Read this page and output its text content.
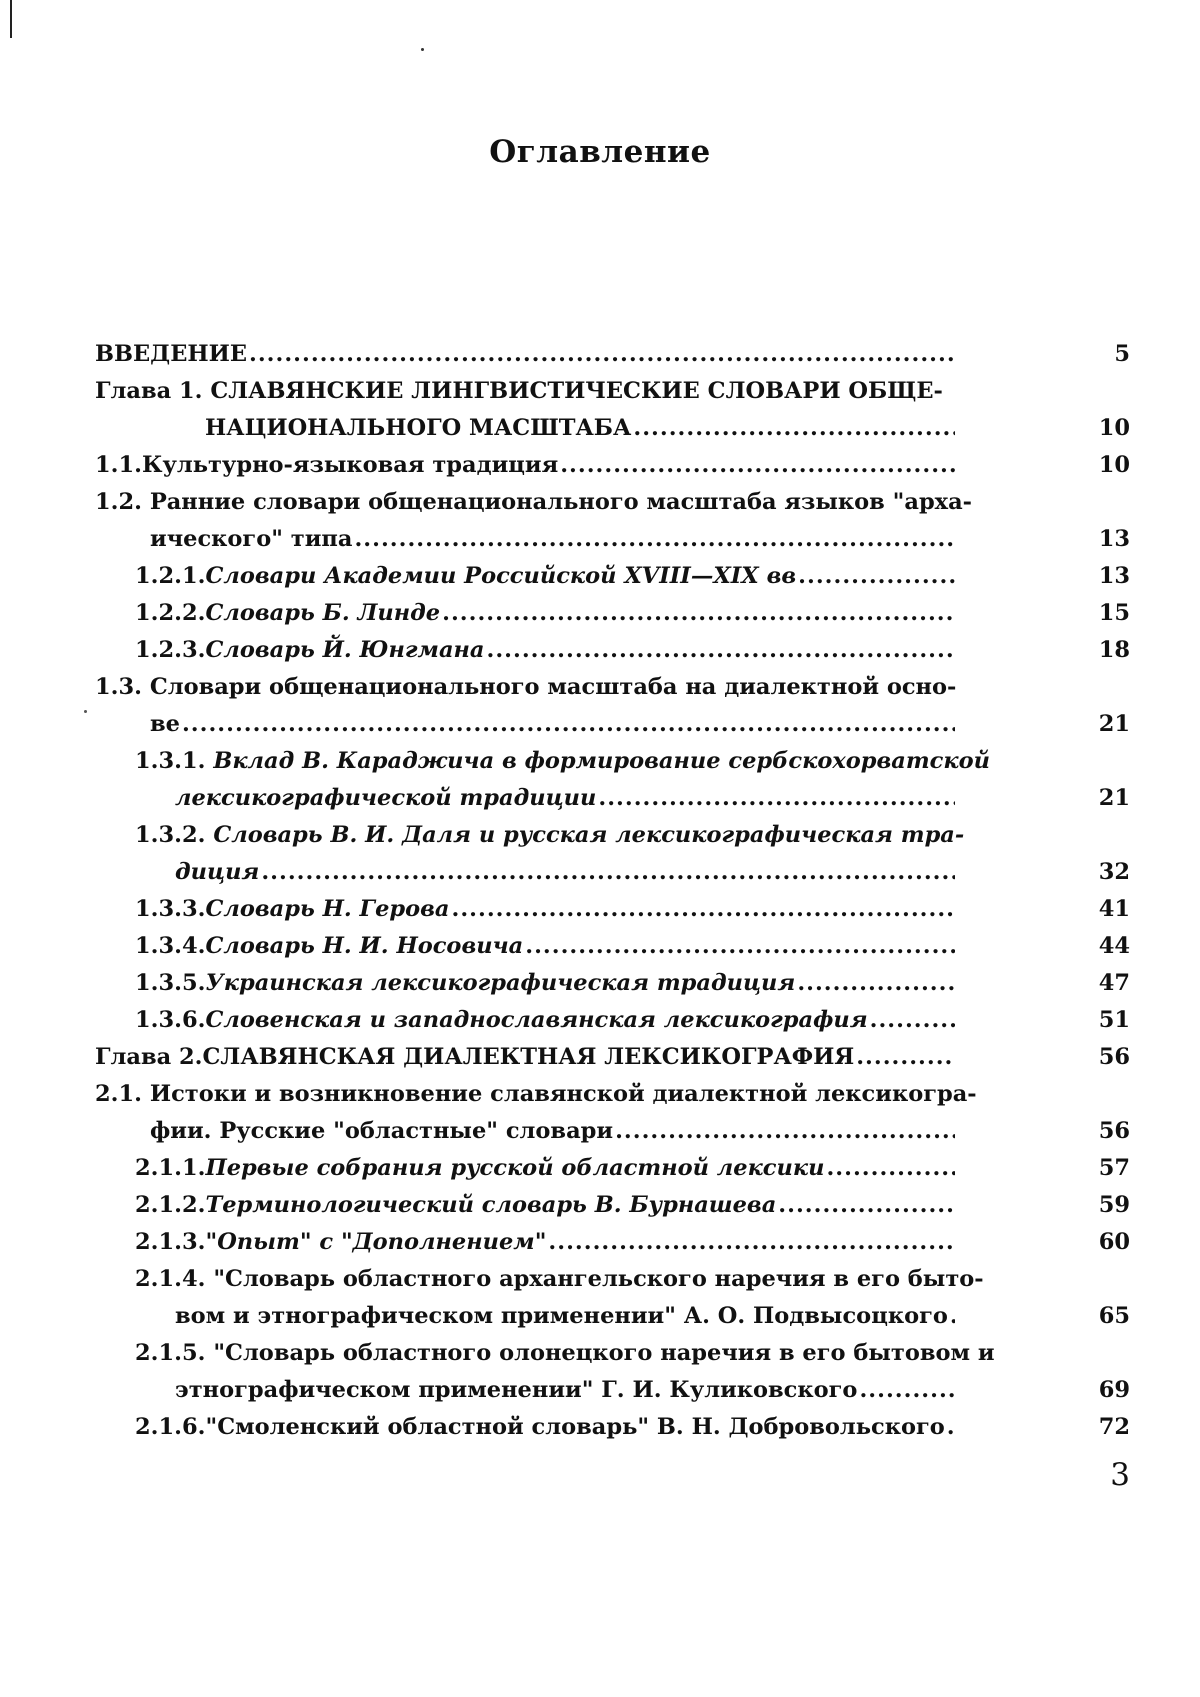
Оглавление
ВВЕДЕНИЕ .....	5
Глава 1. СЛАВЯНСКИЕ ЛИНГВИСТИЧЕСКИЕ СЛОВАРИ ОБЩЕ-
НАЦИОНАЛЬНОГО МАСШТАБА .....	10
1.1. Культурно-языковая традиция .....	10
1.2. Ранние словари общенационального масштаба языков "арха-
ического" типа .....	13
1.2.1. Словари Академии Российской XVIII—XIX вв .....	13
1.2.2. Словарь Б. Линде .....	15
1.2.3. Словарь Й. Юнгмана .....	18
1.3. Словари общенационального масштаба на диалектной осно-
ве .....	21
1.3.1. Вклад В. Караджича в формирование сербскохорватской
лексикографической традиции .....	21
1.3.2. Словарь В. И. Даля и русская лексикографическая тра-
диция .....	32
1.3.3. Словарь Н. Герова .....	41
1.3.4. Словарь Н. И. Носовича .....	44
1.3.5. Украинская лексикографическая традиция .....	47
1.3.6. Словенская и западнославянская лексикография .....	51
Глава 2. СЛАВЯНСКАЯ ДИАЛЕКТНАЯ ЛЕКСИКОГРАФИЯ .....	56
2.1. Истоки и возникновение славянской диалектной лексикогра-
фии. Русские "областные" словари .....	56
2.1.1. Первые собрания русской областной лексики .....	57
2.1.2. Терминологический словарь В. Бурнашева .....	59
2.1.3. "Опыт" с "Дополнением" .....	60
2.1.4. "Словарь областного архангельского наречия в его быто-
вом и этнографическом применении" А. О. Подвысоцкого .....	65
2.1.5. "Словарь областного олонецкого наречия в его бытовом и
этнографическом применении" Г. И. Куликовского .....	69
2.1.6. "Смоленский областной словарь" В. Н. Добровольского .....	72
3
